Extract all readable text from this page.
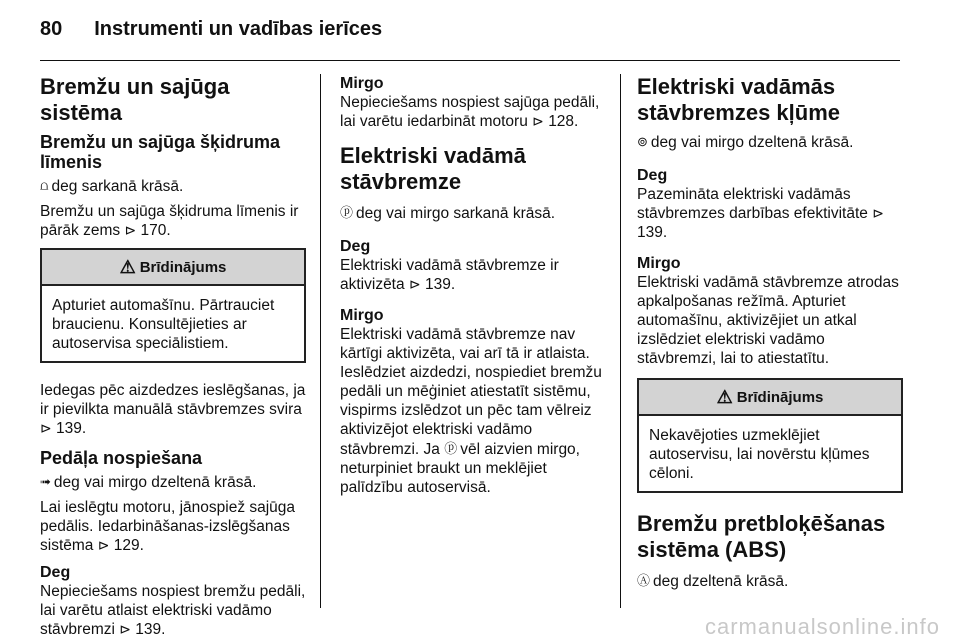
80 Instrumenti un vadības ierīces
Bremžu un sajūga sistēma
Bremžu un sajūga šķidruma līmenis
⩍ deg sarkanā krāsā.
Bremžu un sajūga šķidruma līmenis ir pārāk zems ⊳ 170.
⚠ Brīdinājums
Apturiet automašīnu. Pārtrauciet braucienu. Konsultējieties ar autoservisa speciālistiem.
Iedegas pēc aizdedzes ieslēgšanas, ja ir pievilkta manuālā stāvbremzes svira ⊳ 139.
Pedāļa nospiešana
➟ deg vai mirgo dzeltenā krāsā.
Lai ieslēgtu motoru, jānospiež sajūga pedālis. Iedarbināšanas-izslēgšanas sistēma ⊳ 129.
Deg
Nepieciešams nospiest bremžu pedāli, lai varētu atlaist elektriski vadāmo stāvbremzi ⊳ 139.
Mirgo
Nepieciešams nospiest sajūga pedāli, lai varētu iedarbināt motoru ⊳ 128.
Elektriski vadāmā stāvbremze
ⓟ deg vai mirgo sarkanā krāsā.
Deg
Elektriski vadāmā stāvbremze ir aktivizēta ⊳ 139.
Mirgo
Elektriski vadāmā stāvbremze nav kārtīgi aktivizēta, vai arī tā ir atlaista. Ieslēdziet aizdedzi, nospiediet bremžu pedāli un mēģiniet atiestatīt sistēmu, vispirms izslēdzot un pēc tam vēlreiz aktivizējot elektriski vadāmo stāvbremzi. Ja ⓟ vēl aizvien mirgo, neturpiniet braukt un meklējiet palīdzību autoservisā.
Elektriski vadāmās stāvbremzes kļūme
⊚ deg vai mirgo dzeltenā krāsā.
Deg
Pazemināta elektriski vadāmās stāvbremzes darbības efektivitāte ⊳ 139.
Mirgo
Elektriski vadāmā stāvbremze atrodas apkalpošanas režīmā. Apturiet automašīnu, aktivizējiet un atkal izslēdziet elektriski vadāmo stāvbremzi, lai to atiestatītu.
⚠ Brīdinājums
Nekavējoties uzmeklējiet autoservisu, lai novērstu kļūmes cēloni.
Bremžu pretbloķēšanas sistēma (ABS)
Ⓐ deg dzeltenā krāsā.
carmanualsonline.info
